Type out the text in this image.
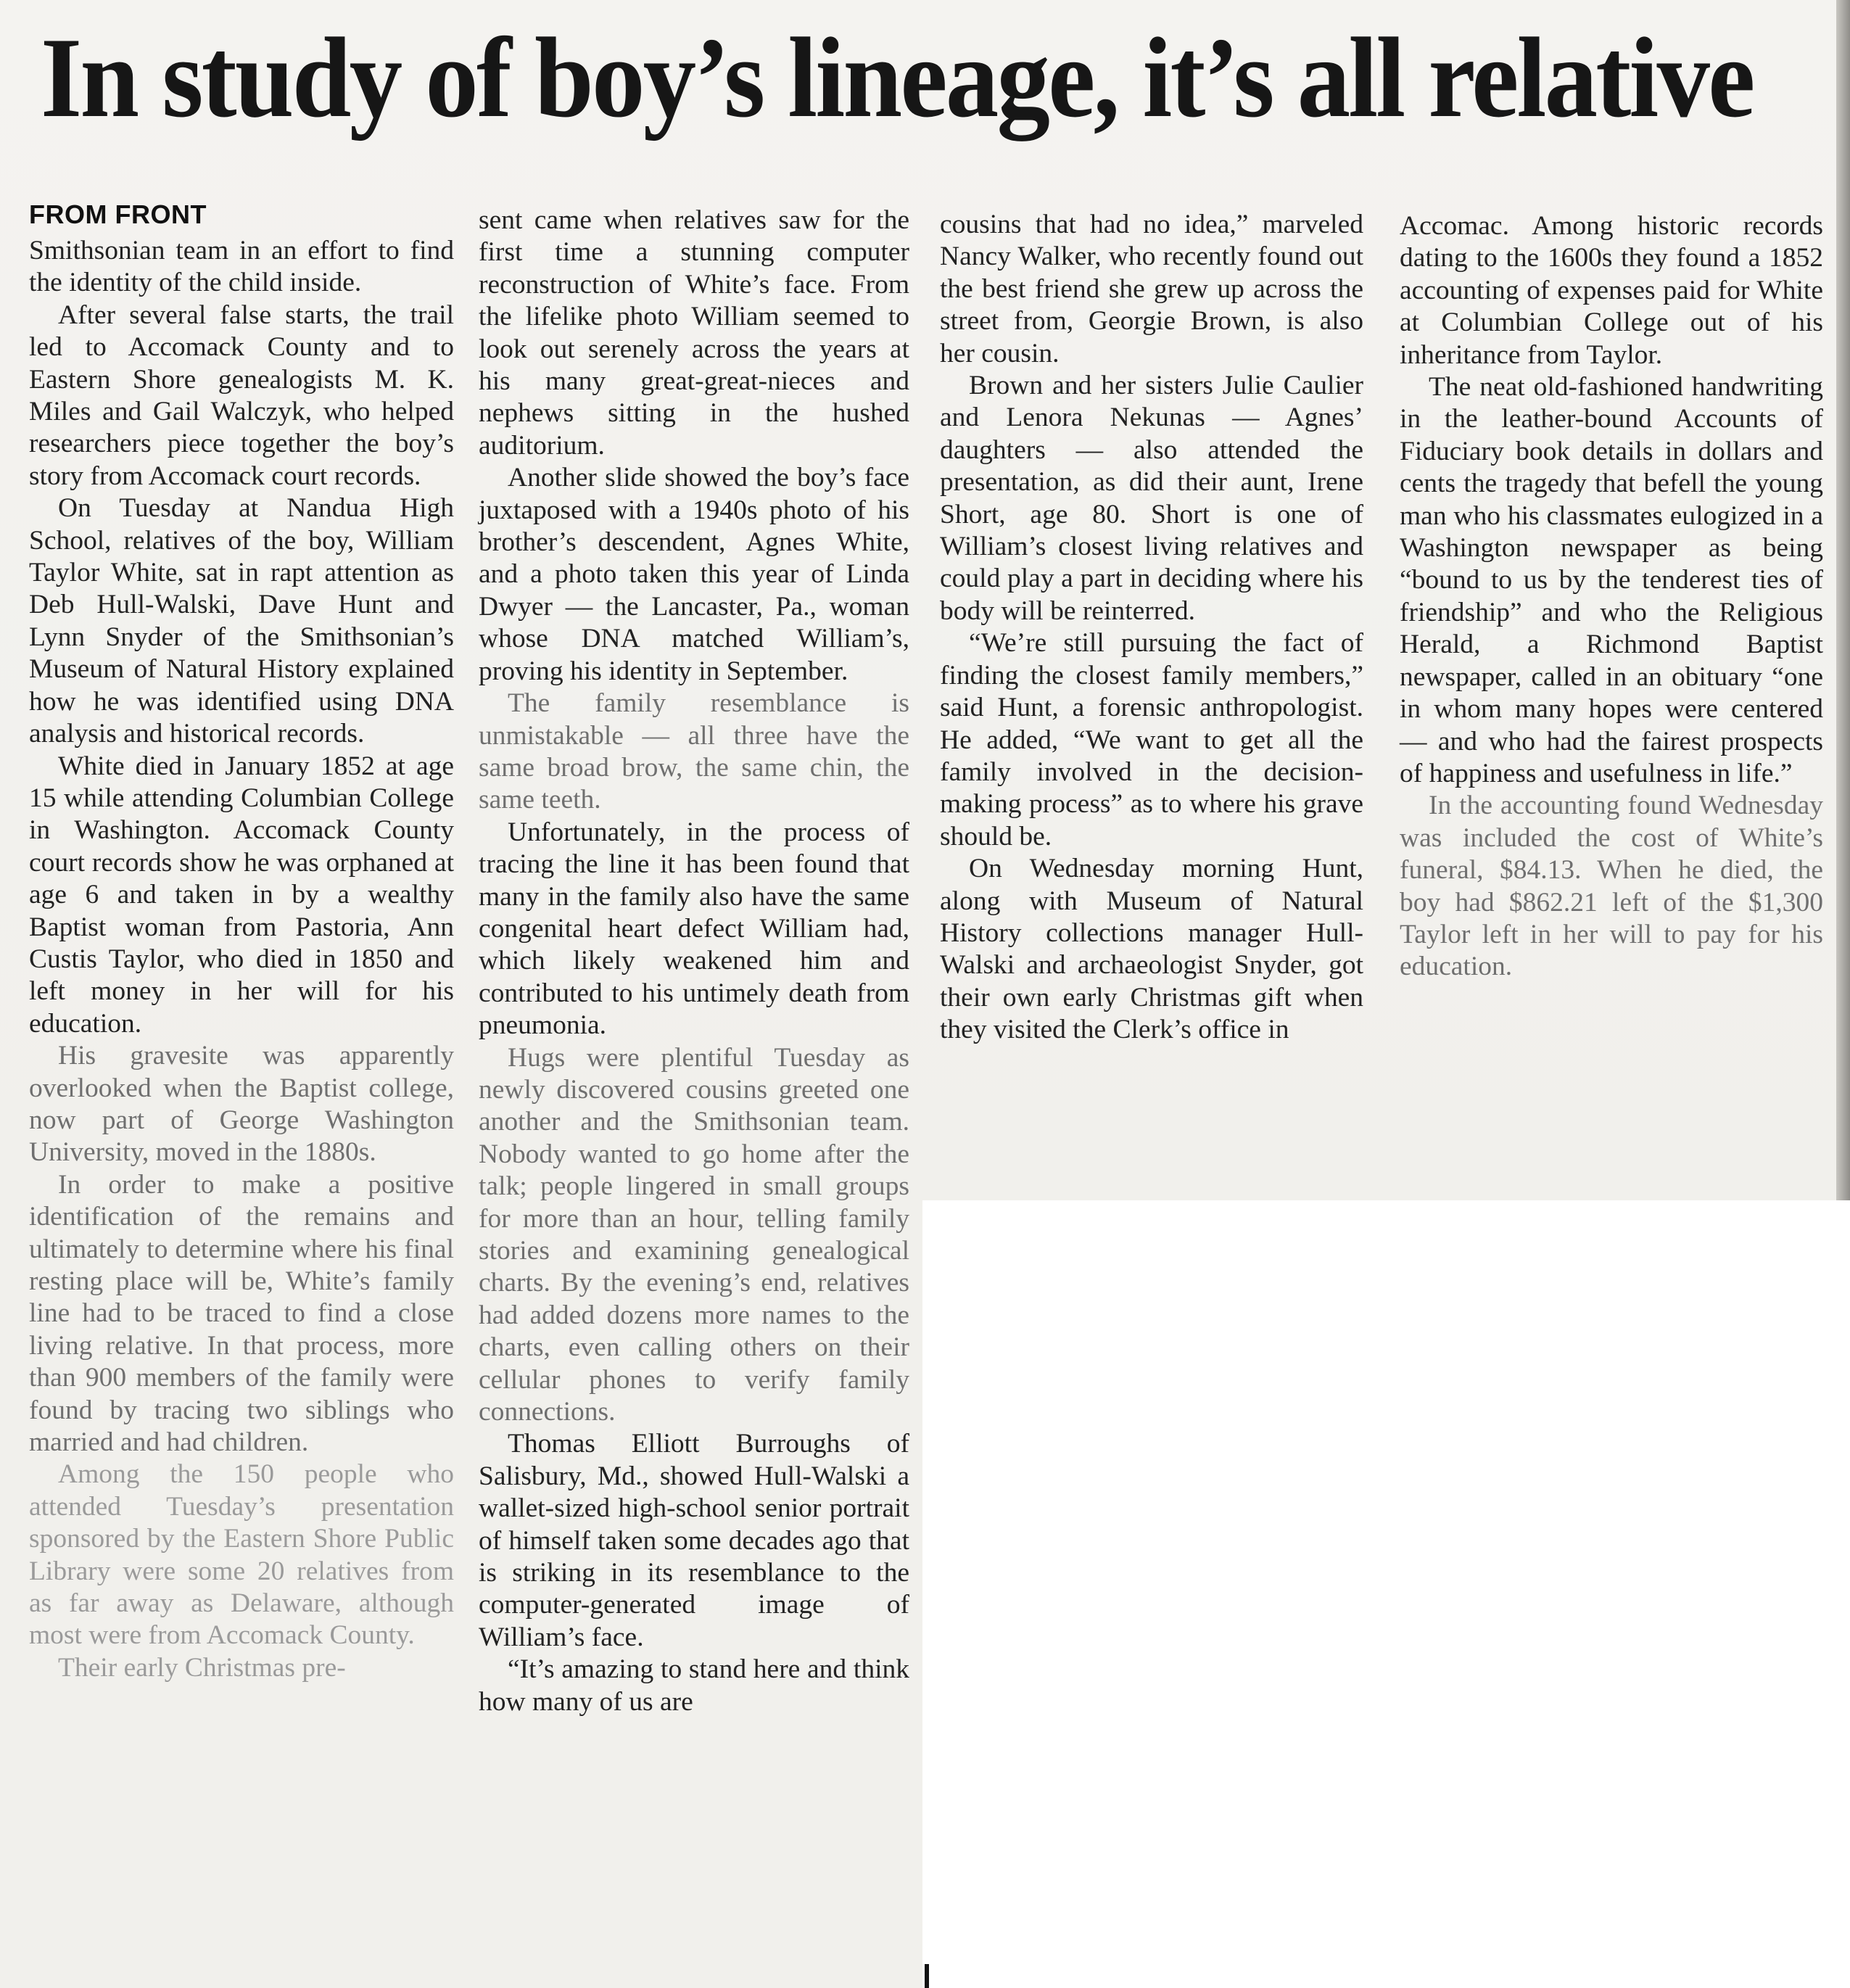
In study of boy’s lineage, it’s all relative
FROM FRONT

Smithsonian team in an effort to find the identity of the child inside.

After several false starts, the trail led to Accomack County and to Eastern Shore genealogists M. K. Miles and Gail Walczyk, who helped researchers piece together the boy’s story from Accomack court records.

On Tuesday at Nandua High School, relatives of the boy, William Taylor White, sat in rapt attention as Deb Hull-Walski, Dave Hunt and Lynn Snyder of the Smithsonian’s Museum of Natural History explained how he was identified using DNA analysis and historical records.

White died in January 1852 at age 15 while attending Columbian College in Washington. Accomack County court records show he was orphaned at age 6 and taken in by a wealthy Baptist woman from Pastoria, Ann Custis Taylor, who died in 1850 and left money in her will for his education.

His gravesite was apparently overlooked when the Baptist college, now part of George Washington University, moved in the 1880s.

In order to make a positive identification of the remains and ultimately to determine where his final resting place will be, White’s family line had to be traced to find a close living relative. In that process, more than 900 members of the family were found by tracing two siblings who married and had children.

Among the 150 people who attended Tuesday’s presentation sponsored by the Eastern Shore Public Library were some 20 relatives from as far away as Delaware, although most were from Accomack County.

Their early Christmas pre-

sent came when relatives saw for the first time a stunning computer reconstruction of White’s face. From the lifelike photo William seemed to look out serenely across the years at his many great-great-nieces and nephews sitting in the hushed auditorium.

Another slide showed the boy’s face juxtaposed with a 1940s photo of his brother’s descendent, Agnes White, and a photo taken this year of Linda Dwyer — the Lancaster, Pa., woman whose DNA matched William’s, proving his identity in September.

The family resemblance is unmistakable — all three have the same broad brow, the same chin, the same teeth.

Unfortunately, in the process of tracing the line it has been found that many in the family also have the same congenital heart defect William had, which likely weakened him and contributed to his untimely death from pneumonia.

Hugs were plentiful Tuesday as newly discovered cousins greeted one another and the Smithsonian team. Nobody wanted to go home after the talk; people lingered in small groups for more than an hour, telling family stories and examining genealogical charts. By the evening’s end, relatives had added dozens more names to the charts, even calling others on their cellular phones to verify family connections.

Thomas Elliott Burroughs of Salisbury, Md., showed Hull-Walski a wallet-sized high-school senior portrait of himself taken some decades ago that is striking in its resemblance to the computer-generated image of William’s face.

“It’s amazing to stand here and think how many of us are

cousins that had no idea,” marveled Nancy Walker, who recently found out the best friend she grew up across the street from, Georgie Brown, is also her cousin.

Brown and her sisters Julie Caulier and Lenora Nekunas — Agnes’ daughters — also attended the presentation, as did their aunt, Irene Short, age 80. Short is one of William’s closest living relatives and could play a part in deciding where his body will be reinterred.

“We’re still pursuing the fact of finding the closest family members,” said Hunt, a forensic anthropologist. He added, “We want to get all the family involved in the decision-making process” as to where his grave should be.

On Wednesday morning Hunt, along with Museum of Natural History collections manager Hull-Walski and archaeologist Snyder, got their own early Christmas gift when they visited the Clerk’s office in

Accomac. Among historic records dating to the 1600s they found a 1852 accounting of expenses paid for White at Columbian College out of his inheritance from Taylor.

The neat old-fashioned handwriting in the leather-bound Accounts of Fiduciary book details in dollars and cents the tragedy that befell the young man who his classmates eulogized in a Washington newspaper as being “bound to us by the tenderest ties of friendship” and who the Religious Herald, a Richmond Baptist newspaper, called in an obituary “one in whom many hopes were centered — and who had the fairest prospects of happiness and usefulness in life.”

In the accounting found Wednesday was included the cost of White’s funeral, $84.13. When he died, the boy had $862.21 left of the $1,300 Taylor left in her will to pay for his education.
